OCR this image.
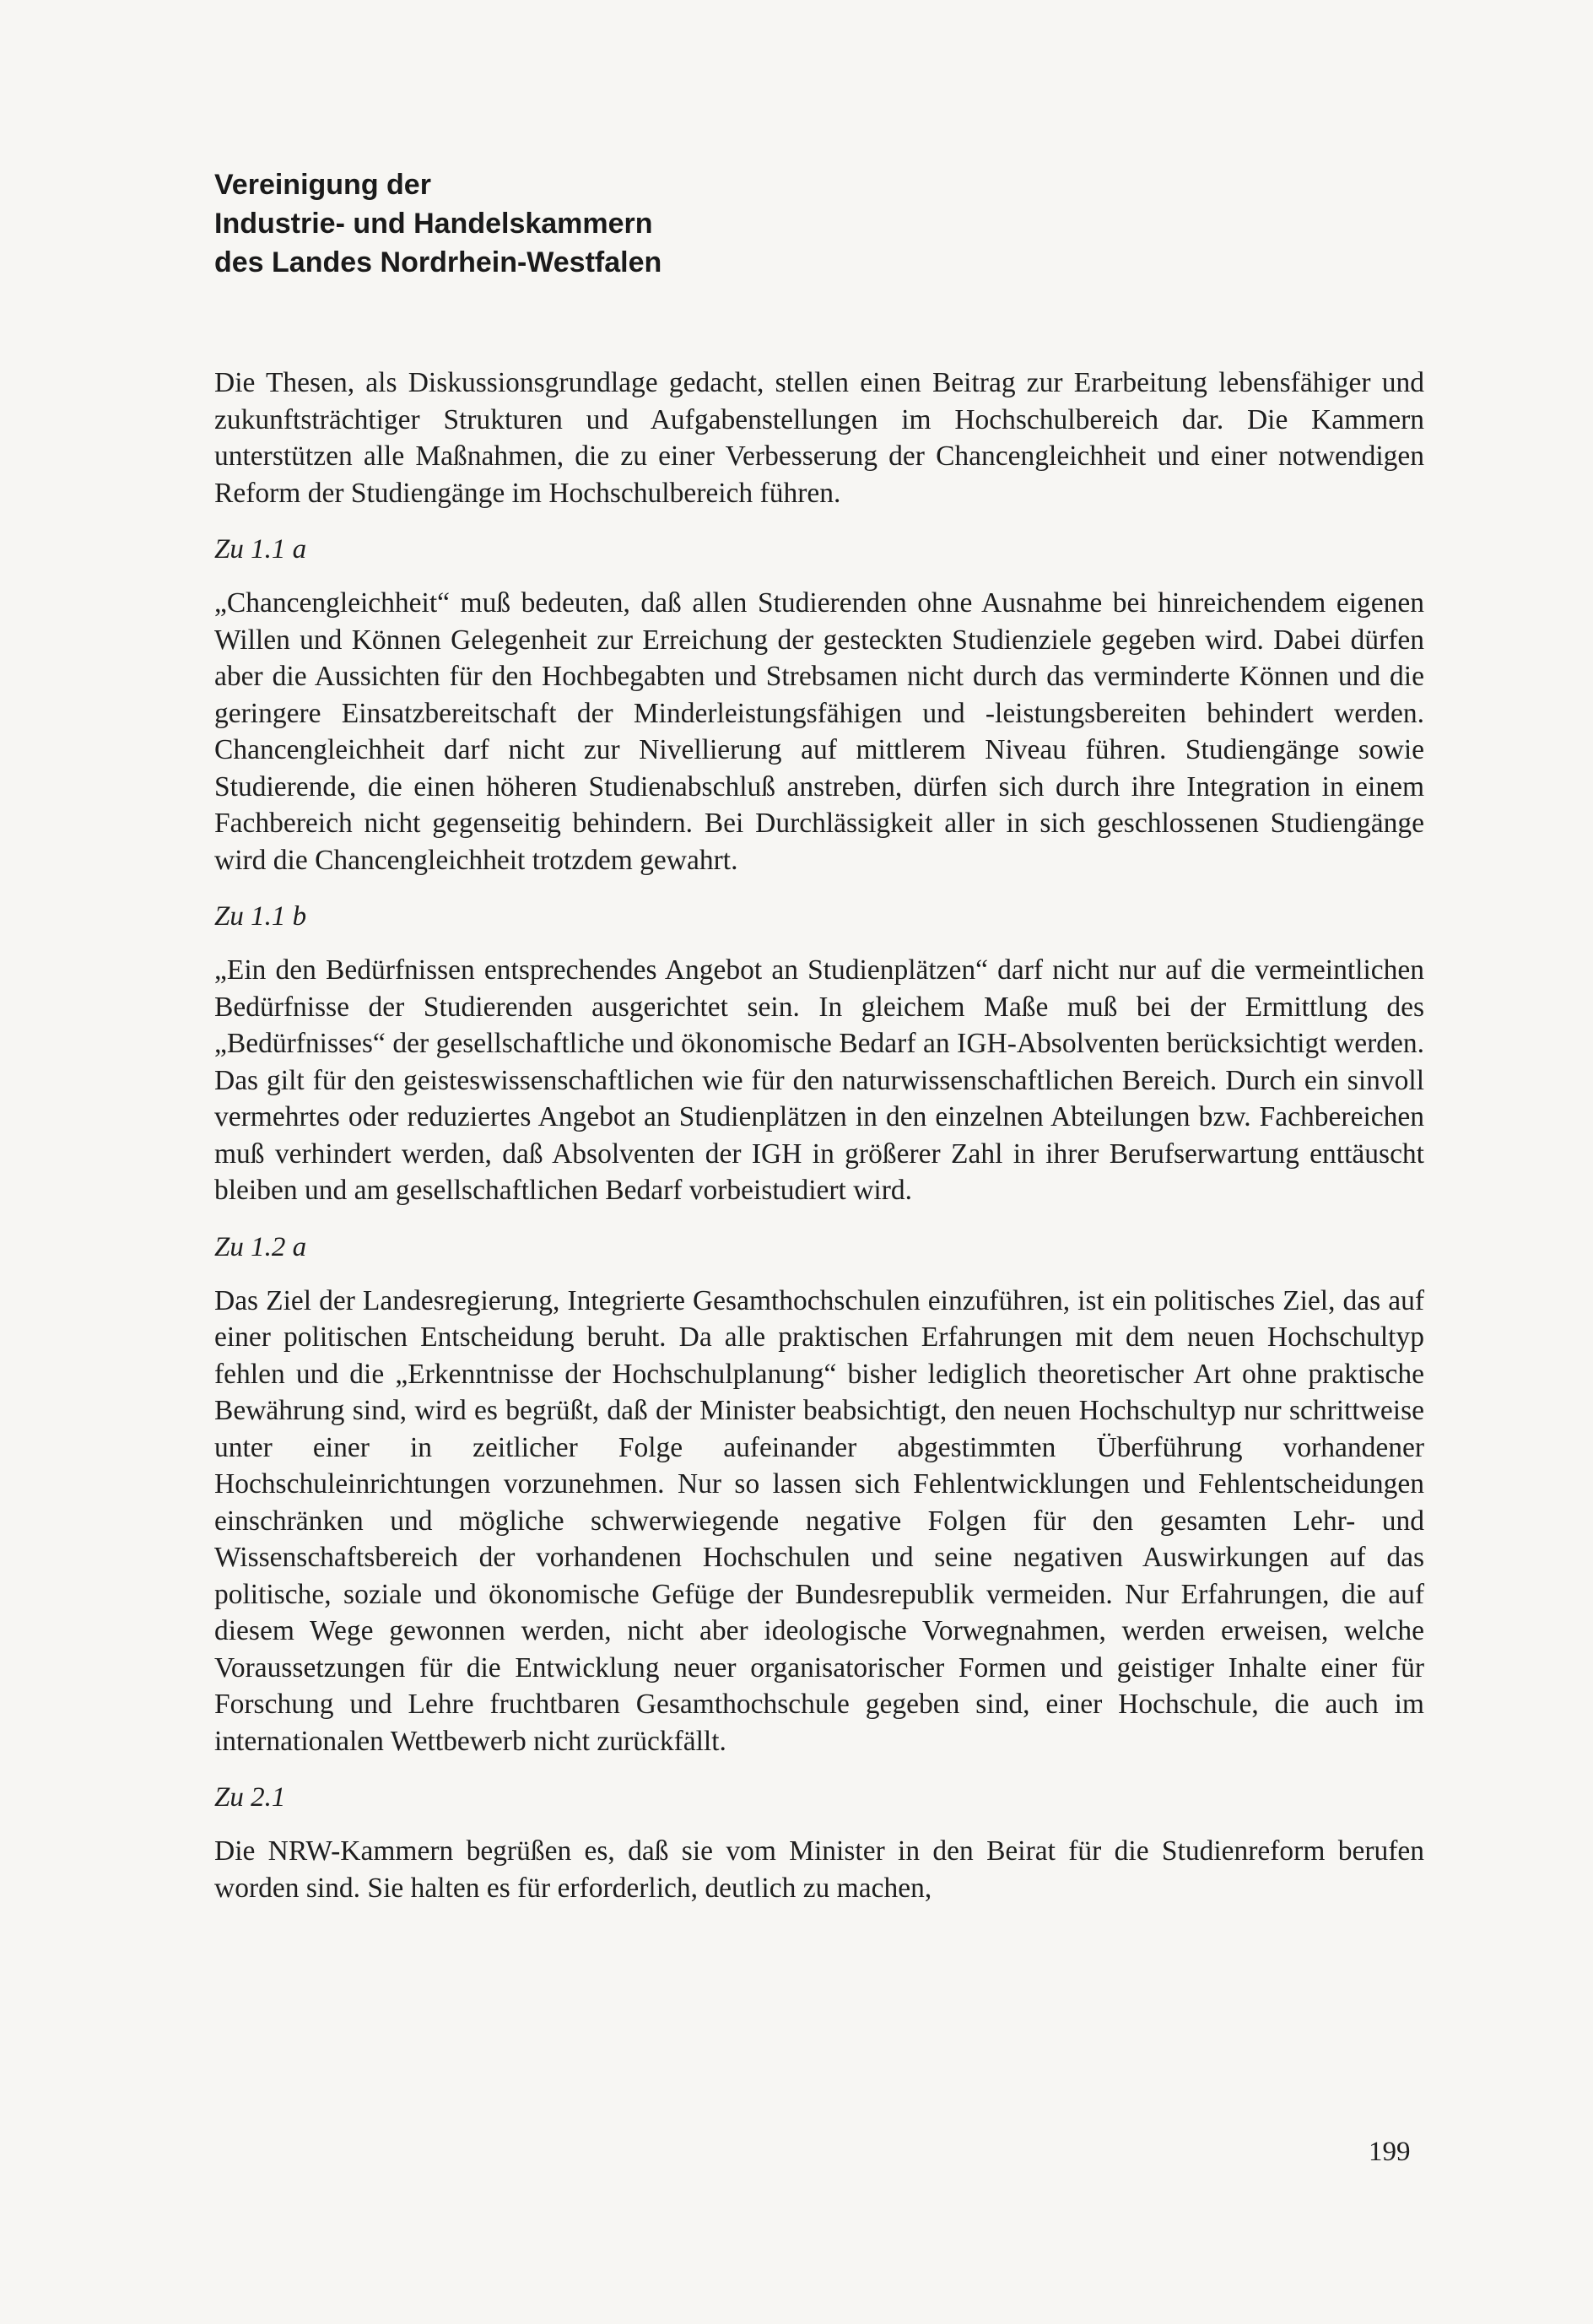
Vereinigung der
Industrie- und Handelskammern
des Landes Nordrhein-Westfalen

Die Thesen, als Diskussionsgrundlage gedacht, stellen einen Beitrag zur Erarbeitung lebensfähiger und zukunftsträchtiger Strukturen und Aufgabenstellungen im Hochschulbereich dar. Die Kammern unterstützen alle Maßnahmen, die zu einer Verbesserung der Chancengleichheit und einer notwendigen Reform der Studiengänge im Hochschulbereich führen.

Zu 1.1 a

„Chancengleichheit“ muß bedeuten, daß allen Studierenden ohne Ausnahme bei hinreichendem eigenen Willen und Können Gelegenheit zur Erreichung der gesteckten Studienziele gegeben wird. Dabei dürfen aber die Aussichten für den Hochbegabten und Strebsamen nicht durch das verminderte Können und die geringere Einsatzbereitschaft der Minderleistungsfähigen und -leistungsbereiten behindert werden. Chancengleichheit darf nicht zur Nivellierung auf mittlerem Niveau führen. Studiengänge sowie Studierende, die einen höheren Studienabschluß anstreben, dürfen sich durch ihre Integration in einem Fachbereich nicht gegenseitig behindern. Bei Durchlässigkeit aller in sich geschlossenen Studiengänge wird die Chancengleichheit trotzdem gewahrt.

Zu 1.1 b

„Ein den Bedürfnissen entsprechendes Angebot an Studienplätzen“ darf nicht nur auf die vermeintlichen Bedürfnisse der Studierenden ausgerichtet sein. In gleichem Maße muß bei der Ermittlung des „Bedürfnisses“ der gesellschaftliche und ökonomische Bedarf an IGH-Absolventen berücksichtigt werden. Das gilt für den geisteswissenschaftlichen wie für den naturwissenschaftlichen Bereich. Durch ein sinvoll vermehrtes oder reduziertes Angebot an Studienplätzen in den einzelnen Abteilungen bzw. Fachbereichen muß verhindert werden, daß Absolventen der IGH in größerer Zahl in ihrer Berufserwartung enttäuscht bleiben und am gesellschaftlichen Bedarf vorbeistudiert wird.

Zu 1.2 a

Das Ziel der Landesregierung, Integrierte Gesamthochschulen einzuführen, ist ein politisches Ziel, das auf einer politischen Entscheidung beruht. Da alle praktischen Erfahrungen mit dem neuen Hochschultyp fehlen und die „Erkenntnisse der Hochschulplanung“ bisher lediglich theoretischer Art ohne praktische Bewährung sind, wird es begrüßt, daß der Minister beabsichtigt, den neuen Hochschultyp nur schrittweise unter einer in zeitlicher Folge aufeinander abgestimmten Überführung vorhandener Hochschuleinrichtungen vorzunehmen. Nur so lassen sich Fehlentwicklungen und Fehlentscheidungen einschränken und mögliche schwerwiegende negative Folgen für den gesamten Lehr- und Wissenschaftsbereich der vorhandenen Hochschulen und seine negativen Auswirkungen auf das politische, soziale und ökonomische Gefüge der Bundesrepublik vermeiden. Nur Erfahrungen, die auf diesem Wege gewonnen werden, nicht aber ideologische Vorwegnahmen, werden erweisen, welche Voraussetzungen für die Entwicklung neuer organisatorischer Formen und geistiger Inhalte einer für Forschung und Lehre fruchtbaren Gesamthochschule gegeben sind, einer Hochschule, die auch im internationalen Wettbewerb nicht zurückfällt.

Zu 2.1

Die NRW-Kammern begrüßen es, daß sie vom Minister in den Beirat für die Studienreform berufen worden sind. Sie halten es für erforderlich, deutlich zu machen,

199
